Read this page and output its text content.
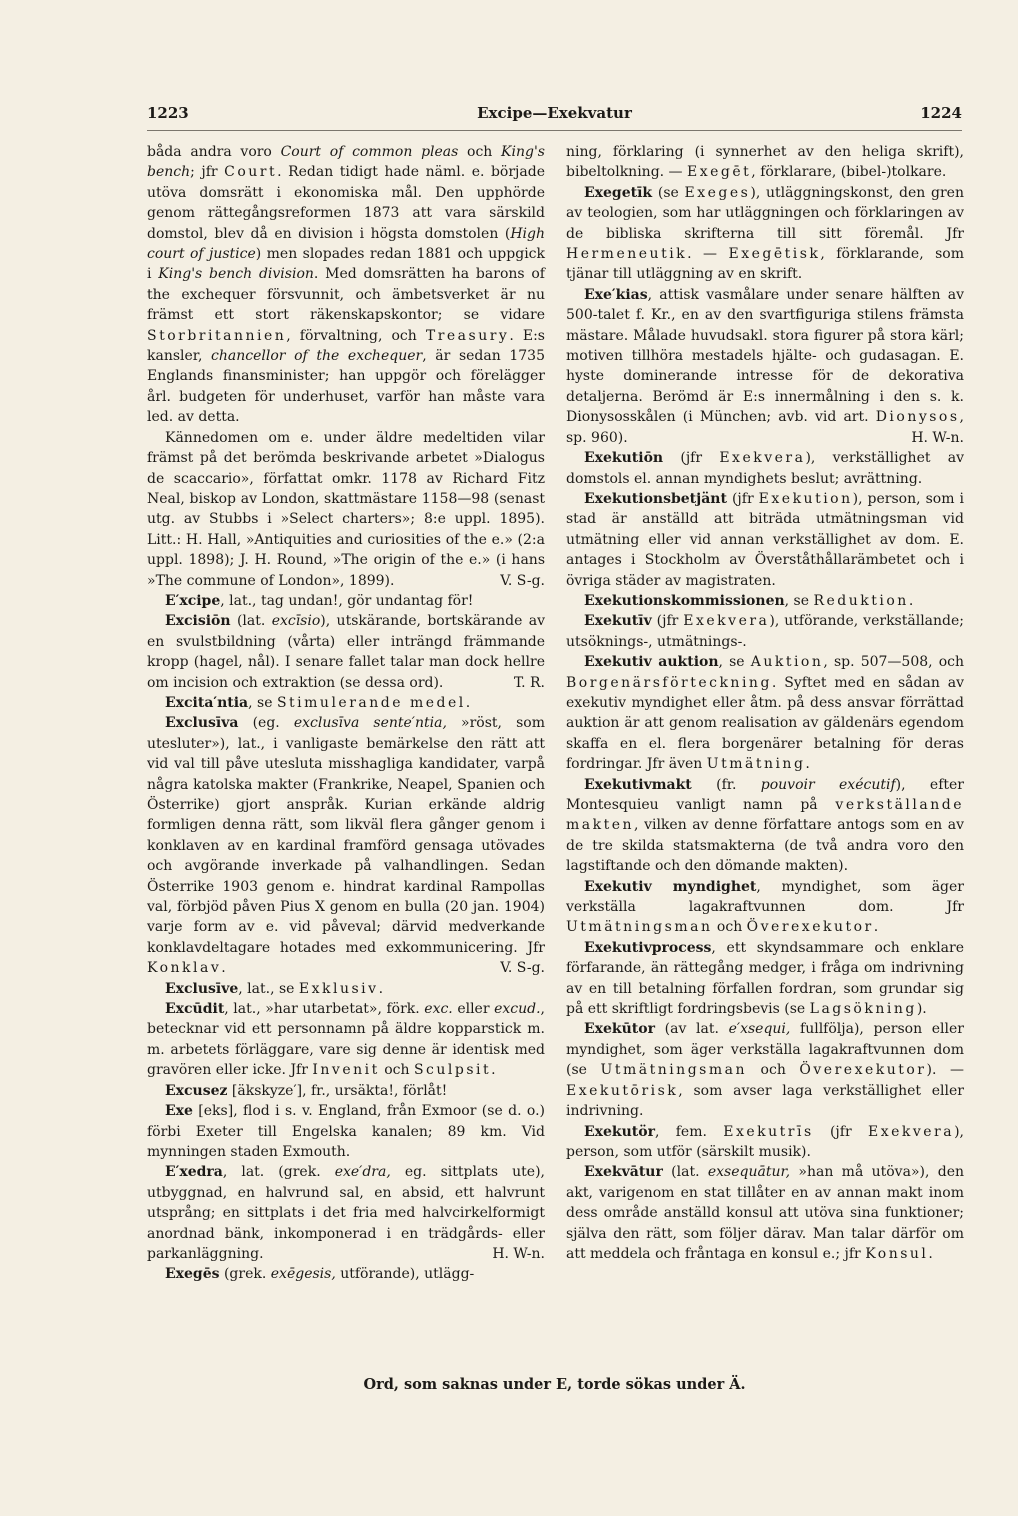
1223	Excipe—Exekvatur	1224

båda andra voro Court of common pleas och King's bench; jfr Court. Redan tidigt hade näml. e. började utöva domsrätt i ekonomiska mål. Den upphörde genom rättegångsreformen 1873 att vara särskild domstol, blev då en division i högsta domstolen (High court of justice) men slopades redan 1881 och uppgick i King's bench division. Med domsrätten ha barons of the exchequer försvunnit, och ämbetsverket är nu främst ett stort räkenskapskontor; se vidare Storbritannien, förvaltning, och Treasury. E:s kansler, chancellor of the exchequer, är sedan 1735 Englands finansminister; han uppgör och förelägger årl. budgeten för underhuset, varför han måste vara led. av detta.

Kännedomen om e. under äldre medeltiden vilar främst på det berömda beskrivande arbetet »Dialogus de scaccario», författat omkr. 1178 av Richard Fitz Neal, biskop av London, skattmästare 1158—98 (senast utg. av Stubbs i »Select charters»; 8:e uppl. 1895). Litt.: H. Hall, »Antiquities and curiosities of the e.» (2:a uppl. 1898); J. H. Round, »The origin of the e.» (i hans »The commune of London», 1899).	V. S-g.

E′xcipe, lat., tag undan!, gör undantag för!

Excisiōn (lat. excīsio), utskärande, bortskärande av en svulstbildning (vårta) eller inträngd främmande kropp (hagel, nål). I senare fallet talar man dock hellre om incision och extraktion (se dessa ord).	T. R.

Excita′ntia, se Stimulerande medel.

Exclusīva (eg. exclusīva sente′ntia, »röst, som utesluter»), lat., i vanligaste bemärkelse den rätt att vid val till påve utesluta misshagliga kandidater, varpå några katolska makter (Frankrike, Neapel, Spanien och Österrike) gjort anspråk. Kurian erkände aldrig formligen denna rätt, som likväl flera gånger genom i konklaven av en kardinal framförd gensaga utövades och avgörande inverkade på valhandlingen. Sedan Österrike 1903 genom e. hindrat kardinal Rampollas val, förbjöd påven Pius X genom en bulla (20 jan. 1904) varje form av e. vid påveval; därvid medverkande konklavdeltagare hotades med exkommunicering. Jfr Konklav.	V. S-g.

Exclusīve, lat., se Exklusiv.

Excūdit, lat., »har utarbetat», förk. exc. eller excud., betecknar vid ett personnamn på äldre kopparstick m. m. arbetets förläggare, vare sig denne är identisk med gravören eller icke. Jfr Invenit och Sculpsit.

Excusez [äkskyze′], fr., ursäkta!, förlåt!

Exe [eks], flod i s. v. England, från Exmoor (se d. o.) förbi Exeter till Engelska kanalen; 89 km. Vid mynningen staden Exmouth.

E′xedra, lat. (grek. exe′dra, eg. sittplats ute), utbyggnad, en halvrund sal, en absid, ett halvrunt utsprång; en sittplats i det fria med halvcirkelformigt anordnad bänk, inkomponerad i en trädgårds- eller parkanläggning.	H. W-n.

Exegēs (grek. exēgesis, utförande), utlägg-

ning, förklaring (i synnerhet av den heliga skrift), bibeltolkning. — Exegēt, förklarare, (bibel-)tolkare.

Exegetīk (se Exeges), utläggningskonst, den gren av teologien, som har utläggningen och förklaringen av de bibliska skrifterna till sitt föremål. Jfr Hermeneutik. — Exegētisk, förklarande, som tjänar till utläggning av en skrift.

Exe′kias, attisk vasmålare under senare hälften av 500-talet f. Kr., en av den svartfiguriga stilens främsta mästare. Målade huvudsakl. stora figurer på stora kärl; motiven tillhöra mestadels hjälte- och gudasagan. E. hyste dominerande intresse för de dekorativa detaljerna. Berömd är E:s innermålning i den s. k. Dionysosskålen (i München; avb. vid art. Dionysos, sp. 960).	H. W-n.

Exekutiōn (jfr Exekvera), verkställighet av domstols el. annan myndighets beslut; avrättning.

Exekutionsbetjänt (jfr Exekution), person, som i stad är anställd att biträda utmätningsman vid utmätning eller vid annan verkställighet av dom. E. antages i Stockholm av Överståthållarämbetet och i övriga städer av magistraten.

Exekutionskommissionen, se Reduktion.

Exekutīv (jfr Exekvera), utförande, verkställande; utsöknings-, utmätnings-.

Exekutiv auktion, se Auktion, sp. 507—508, och Borgenärsförteckning. Syftet med en sådan av exekutiv myndighet eller åtm. på dess ansvar förrättad auktion är att genom realisation av gäldenärs egendom skaffa en el. flera borgenärer betalning för deras fordringar. Jfr även Utmätning.

Exekutivmakt (fr. pouvoir exécutif), efter Montesquieu vanligt namn på verkställande makten, vilken av denne författare antogs som en av de tre skilda statsmakterna (de två andra voro den lagstiftande och den dömande makten).

Exekutiv myndighet, myndighet, som äger verkställa lagakraftvunnen dom. Jfr Utmätningsman och Överexekutor.

Exekutivprocess, ett skyndsammare och enklare förfarande, än rättegång medger, i fråga om indrivning av en till betalning förfallen fordran, som grundar sig på ett skriftligt fordringsbevis (se Lagsökning).

Exekūtor (av lat. e′xsequi, fullfölja), person eller myndighet, som äger verkställa lagakraftvunnen dom (se Utmätningsman och Överexekutor). — Exekutōrisk, som avser laga verkställighet eller indrivning.

Exekutör, fem. Exekutrīs (jfr Exekvera), person, som utför (särskilt musik).

Exekvātur (lat. exsequātur, »han må utöva»), den akt, varigenom en stat tillåter en av annan makt inom dess område anställd konsul att utöva sina funktioner; själva den rätt, som följer därav. Man talar därför om att meddela och fråntaga en konsul e.; jfr Konsul.

Ord, som saknas under E, torde sökas under Ä.
